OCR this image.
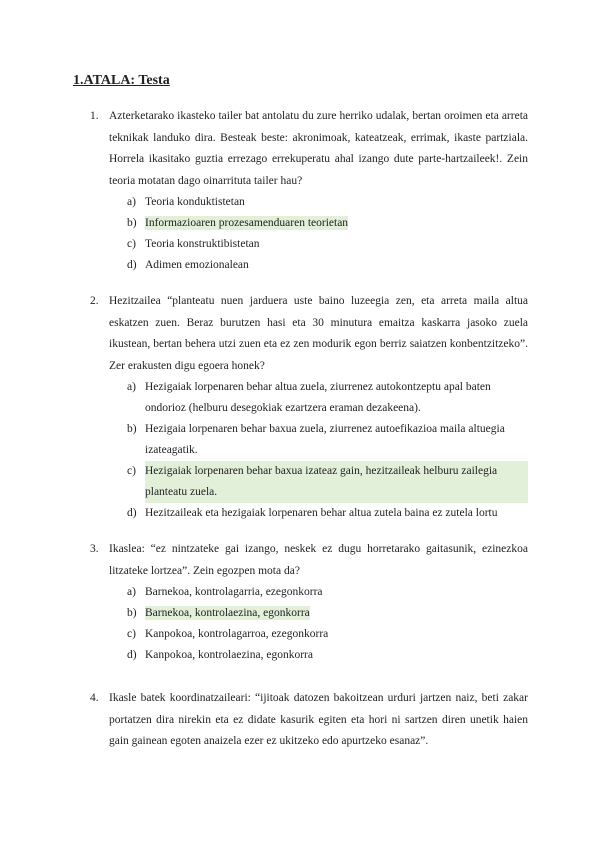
1.ATALA: Testa
1. Azterketarako ikasteko tailer bat antolatu du zure herriko udalak, bertan oroimen eta arreta teknikak landuko dira. Besteak beste: akronimoak, kateatzeak, errimak, ikaste partziala. Horrela ikasitako guztia errezago errekuperatu ahal izango dute parte-hartzaileek!. Zein teoria motatan dago oinarrituta tailer hau?
a) Teoria konduktistetan
b) Informazioaren prozesamenduaren teorietan
c) Teoria konstruktibistetan
d) Adimen emozionalean
2. Hezitzailea “planteatu nuen jarduera uste baino luzeegia zen, eta arreta maila altua eskatzen zuen. Beraz burutzen hasi eta 30 minutura emaitza kaskarra jasoko zuela ikustean, bertan behera utzi zuen eta ez zen modurik egon berriz saiatzen konbentzitzeko”. Zer erakusten digu egoera honek?
a) Hezigaiak lorpenaren behar altua zuela, ziurrenez autokontzeptu apal baten ondorioz (helburu desegokiak ezartzera eraman dezakeena).
b) Hezigaia lorpenaren behar baxua zuela, ziurrenez autoefikazioa maila altuegia izateagatik.
c) Hezigaiak lorpenaren behar baxua izateaz gain, hezitzaileak helburu zailegia planteatu zuela.
d) Hezitzaileak eta hezigaiak lorpenaren behar altua zutela baina ez zutela lortu
3. Ikaslea: “ez nintzateke gai izango, neskek ez dugu horretarako gaitasunik, ezinezkoa litzateke lortzea”. Zein egozpen mota da?
a) Barnekoa, kontrolagarria, ezegonkorra
b) Barnekoa, kontrolaezina, egonkorra
c) Kanpokoa, kontrolagarroa, ezegonkorra
d) Kanpokoa, kontrolaezina, egonkorra
4. Ikasle batek koordinatzaileari: “ijitoak datozen bakoitzean urduri jartzen naiz, beti zakar portatzen dira nirekin eta ez didate kasurik egiten eta hori ni sartzen diren unetik haien gain gainean egoten anaizela ezer ez ukitzeko edo apurtzeko esanaz”.
